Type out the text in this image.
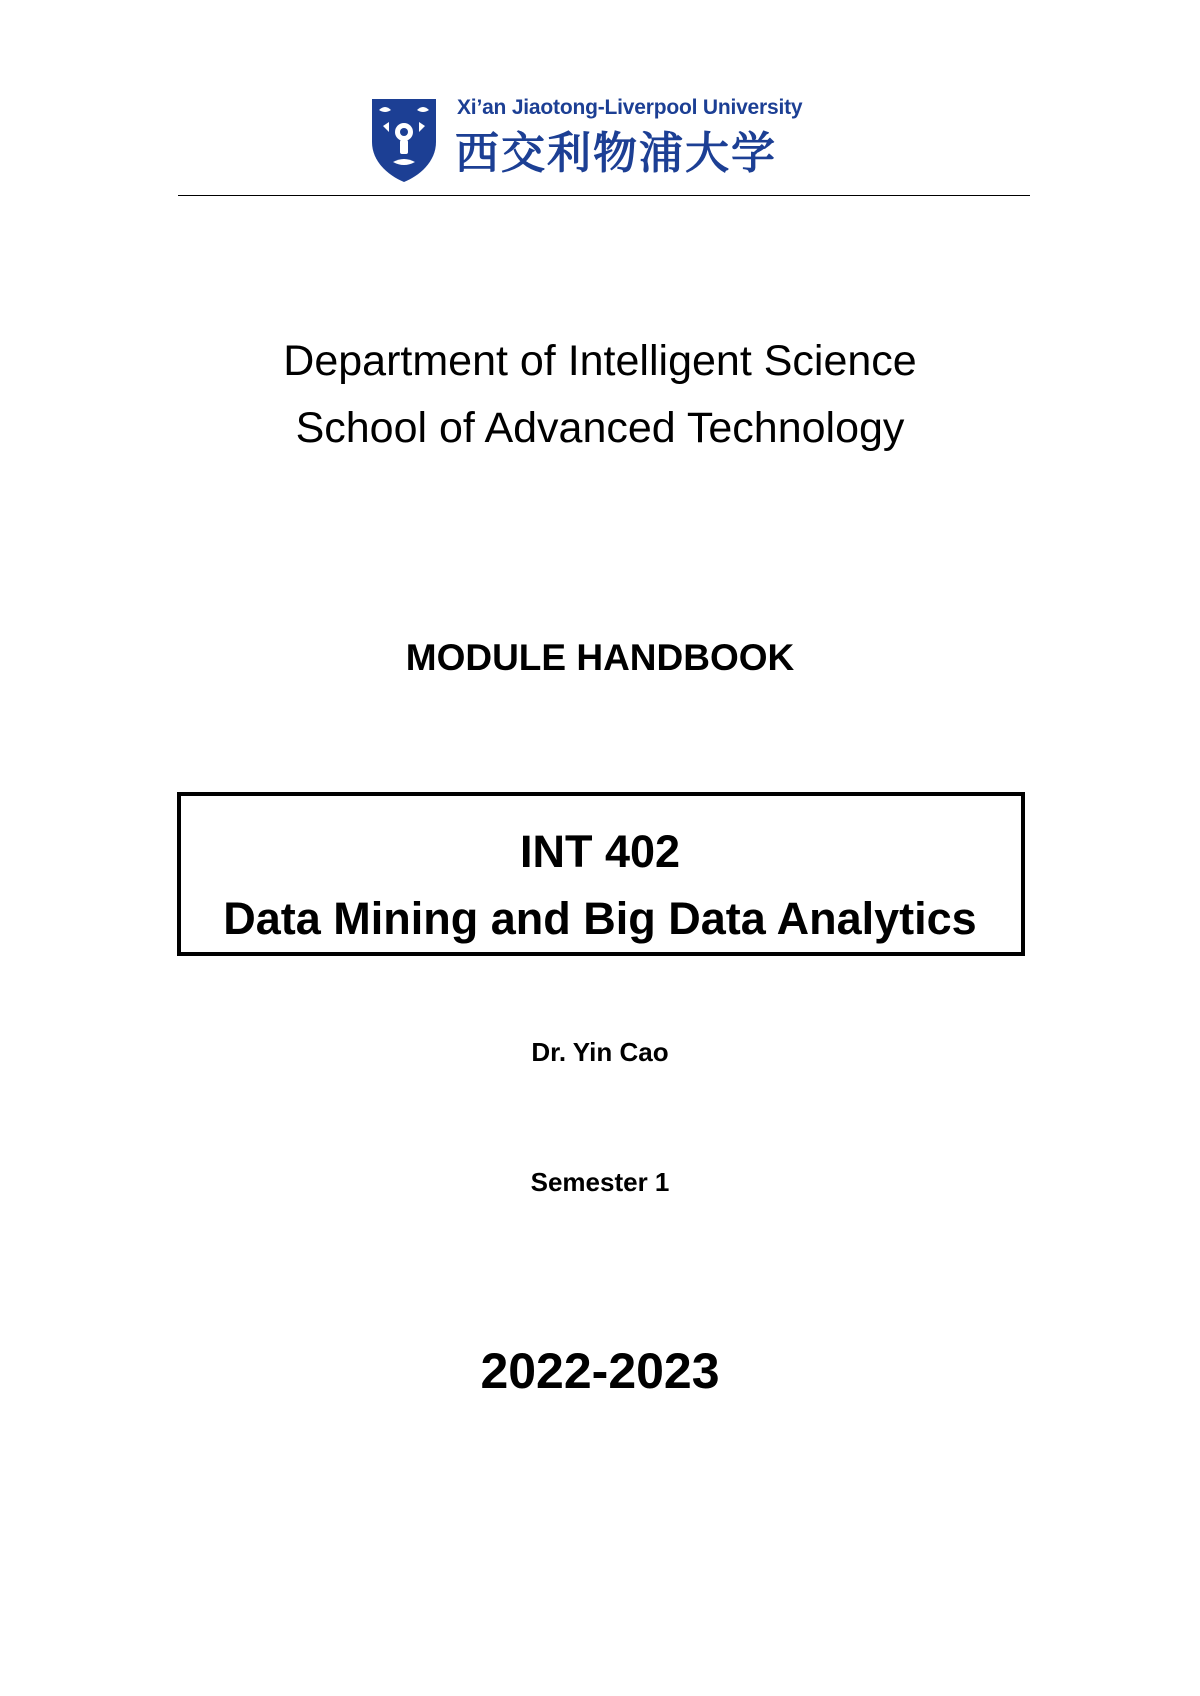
Xi’an Jiaotong-Liverpool University
西交利物浦大学
Department of Intelligent Science
School of Advanced Technology
MODULE HANDBOOK
INT 402
Data Mining and Big Data Analytics
Dr. Yin Cao
Semester 1
2022-2023
